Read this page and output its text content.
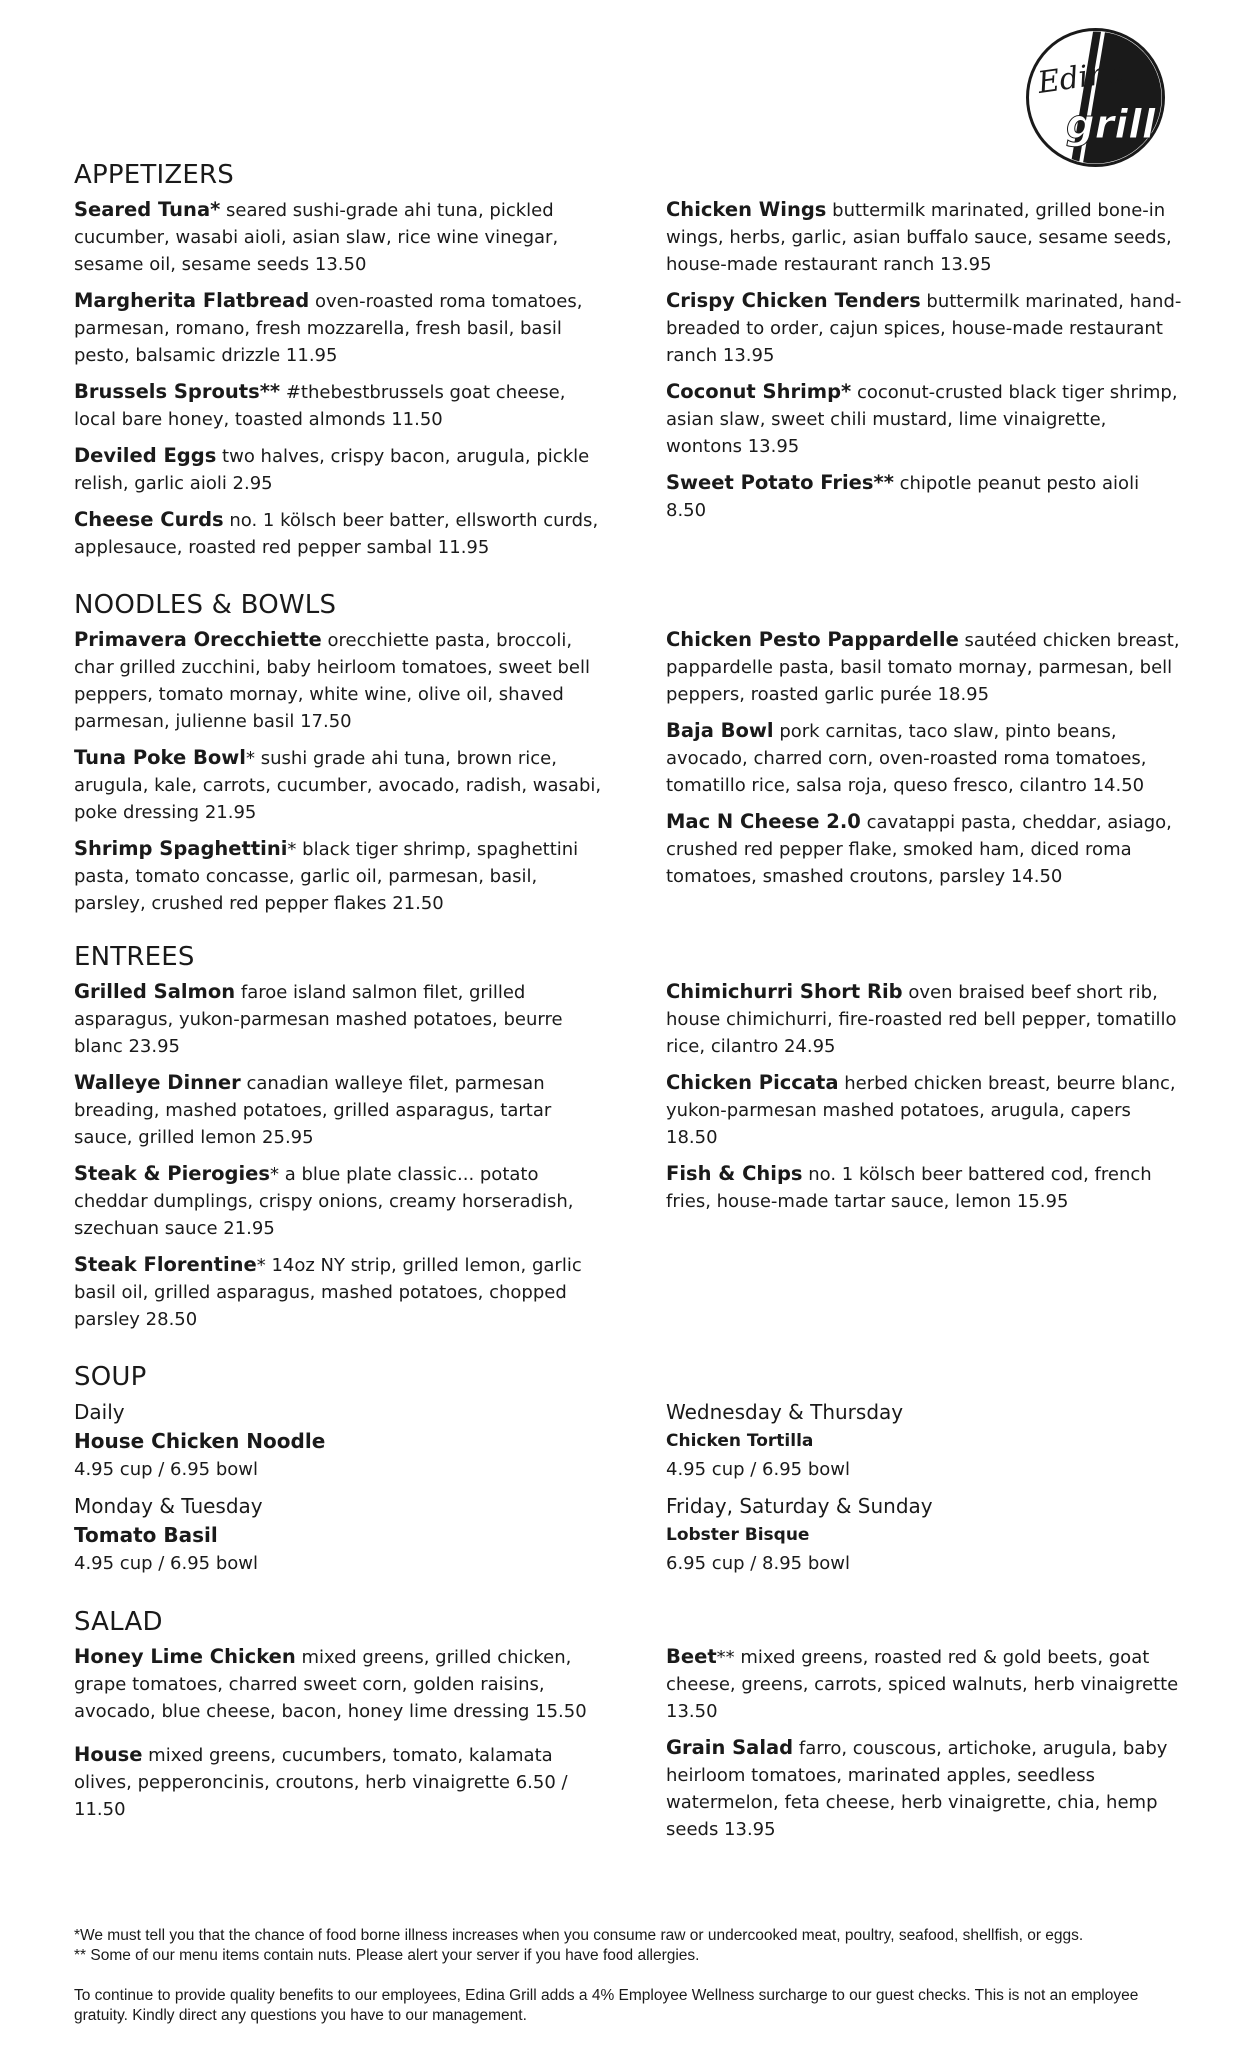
Edina
grill
APPETIZERS

Seared Tuna* seared sushi-grade ahi tuna, pickled cucumber, wasabi aioli, asian slaw, rice wine vinegar, sesame oil, sesame seeds 13.50

Margherita Flatbread oven-roasted roma tomatoes, parmesan, romano, fresh mozzarella, fresh basil, basil pesto, balsamic drizzle 11.95

Brussels Sprouts** #thebestbrussels goat cheese, local bare honey, toasted almonds 11.50

Deviled Eggs two halves, crispy bacon, arugula, pickle relish, garlic aioli 2.95

Cheese Curds no. 1 kölsch beer batter, ellsworth curds, applesauce, roasted red pepper sambal 11.95

Chicken Wings buttermilk marinated, grilled bone-in wings, herbs, garlic, asian buffalo sauce, sesame seeds, house-made restaurant ranch 13.95

Crispy Chicken Tenders buttermilk marinated, hand-breaded to order, cajun spices, house-made restaurant ranch 13.95

Coconut Shrimp* coconut-crusted black tiger shrimp, asian slaw, sweet chili mustard, lime vinaigrette, wontons 13.95

Sweet Potato Fries** chipotle peanut pesto aioli 8.50

NOODLES & BOWLS

Primavera Orecchiette orecchiette pasta, broccoli, char grilled zucchini, baby heirloom tomatoes, sweet bell peppers, tomato mornay, white wine, olive oil, shaved parmesan, julienne basil 17.50

Tuna Poke Bowl* sushi grade ahi tuna, brown rice, arugula, kale, carrots, cucumber, avocado, radish, wasabi, poke dressing 21.95

Shrimp Spaghettini* black tiger shrimp, spaghettini pasta, tomato concasse, garlic oil, parmesan, basil, parsley, crushed red pepper flakes 21.50

Chicken Pesto Pappardelle sautéed chicken breast, pappardelle pasta, basil tomato mornay, parmesan, bell peppers, roasted garlic purée 18.95

Baja Bowl pork carnitas, taco slaw, pinto beans, avocado, charred corn, oven-roasted roma tomatoes, tomatillo rice, salsa roja, queso fresco, cilantro 14.50

Mac N Cheese 2.0 cavatappi pasta, cheddar, asiago, crushed red pepper flake, smoked ham, diced roma tomatoes, smashed croutons, parsley 14.50

ENTREES

Grilled Salmon faroe island salmon filet, grilled asparagus, yukon-parmesan mashed potatoes, beurre blanc 23.95

Walleye Dinner canadian walleye filet, parmesan breading, mashed potatoes, grilled asparagus, tartar sauce, grilled lemon 25.95

Steak & Pierogies* a blue plate classic... potato cheddar dumplings, crispy onions, creamy horseradish, szechuan sauce 21.95

Steak Florentine* 14oz NY strip, grilled lemon, garlic basil oil, grilled asparagus, mashed potatoes, chopped parsley 28.50

Chimichurri Short Rib oven braised beef short rib, house chimichurri, fire-roasted red bell pepper, tomatillo rice, cilantro 24.95

Chicken Piccata herbed chicken breast, beurre blanc, yukon-parmesan mashed potatoes, arugula, capers 18.50

Fish & Chips no. 1 kölsch beer battered cod, french fries, house-made tartar sauce, lemon 15.95

SOUP
Daily
House Chicken Noodle
4.95 cup / 6.95 bowl
Monday & Tuesday
Tomato Basil
4.95 cup / 6.95 bowl
Wednesday & Thursday
Chicken Tortilla
4.95 cup / 6.95 bowl
Friday, Saturday & Sunday
Lobster Bisque
6.95 cup / 8.95 bowl
SALAD

Honey Lime Chicken mixed greens, grilled chicken, grape tomatoes, charred sweet corn, golden raisins, avocado, blue cheese, bacon, honey lime dressing 15.50

House mixed greens, cucumbers, tomato, kalamata olives, pepperoncinis, croutons, herb vinaigrette 6.50 / 11.50

Beet** mixed greens, roasted red & gold beets, goat cheese, greens, carrots, spiced walnuts, herb vinaigrette 13.50

Grain Salad farro, couscous, artichoke, arugula, baby heirloom tomatoes, marinated apples, seedless watermelon, feta cheese, herb vinaigrette, chia, hemp seeds 13.95

*We must tell you that the chance of food borne illness increases when you consume raw or undercooked meat, poultry, seafood, shellfish, or eggs.

** Some of our menu items contain nuts. Please alert your server if you have food allergies.

To continue to provide quality benefits to our employees, Edina Grill adds a 4% Employee Wellness surcharge to our guest checks. This is not an employee gratuity. Kindly direct any questions you have to our management.
